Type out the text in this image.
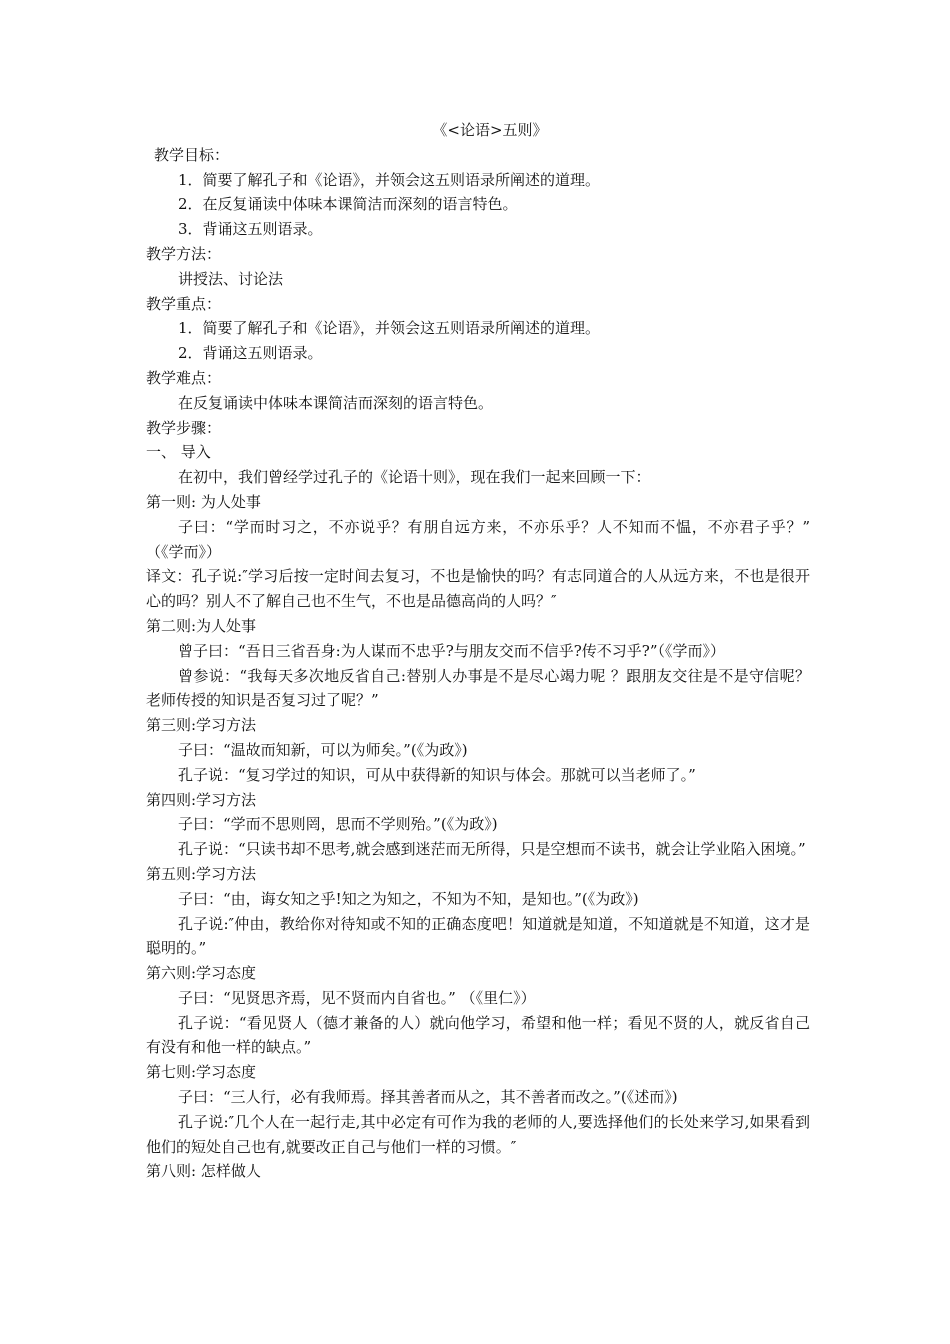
《<论语>五则》
教学目标：
1．简要了解孔子和《论语》，并领会这五则语录所阐述的道理。
2．在反复诵读中体味本课简洁而深刻的语言特色。
3．背诵这五则语录。
教学方法：
讲授法、讨论法
教学重点：
1．简要了解孔子和《论语》，并领会这五则语录所阐述的道理。
2．背诵这五则语录。
教学难点：
在反复诵读中体味本课简洁而深刻的语言特色。
教学步骤：
一、 导入
在初中，我们曾经学过孔子的《论语十则》，现在我们一起来回顾一下：
第一则: 为人处事
子曰：“学而时习之，不亦说乎？有朋自远方来，不亦乐乎？人不知而不愠，不亦君子乎？” （《学而》）
译文：孔子说:″学习后按一定时间去复习，不也是愉快的吗？有志同道合的人从远方来，不也是很开心的吗？别人不了解自己也不生气，不也是品德高尚的人吗？″
第二则:为人处事
曾子曰：“吾日三省吾身:为人谋而不忠乎?与朋友交而不信乎?传不习乎?”（《学而》）
曾参说：“我每天多次地反省自己:替别人办事是不是尽心竭力呢 ？跟朋友交往是不是守信呢？ 老师传授的知识是否复习过了呢？”
第三则:学习方法
子曰：“温故而知新，可以为师矣。”(《为政》)
孔子说：“复习学过的知识，可从中获得新的知识与体会。那就可以当老师了。”
第四则:学习方法
子曰：“学而不思则罔，思而不学则殆。”(《为政》)
孔子说：“只读书却不思考,就会感到迷茫而无所得，只是空想而不读书，就会让学业陷入困境。”
第五则:学习方法
子曰：“由，诲女知之乎!知之为知之，不知为不知，是知也。”(《为政》)
孔子说:″仲由，教给你对待知或不知的正确态度吧！知道就是知道，不知道就是不知道，这才是聪明的。”
第六则:学习态度
子曰：“见贤思齐焉，见不贤而内自省也。” （《里仁》）
孔子说：“看见贤人（德才兼备的人）就向他学习，希望和他一样；看见不贤的人，就反省自己有没有和他一样的缺点。”
第七则:学习态度
子曰：“三人行，必有我师焉。择其善者而从之，其不善者而改之。”(《述而》)
孔子说:″几个人在一起行走,其中必定有可作为我的老师的人,要选择他们的长处来学习,如果看到他们的短处自己也有,就要改正自己与他们一样的习惯。″
第八则: 怎样做人
